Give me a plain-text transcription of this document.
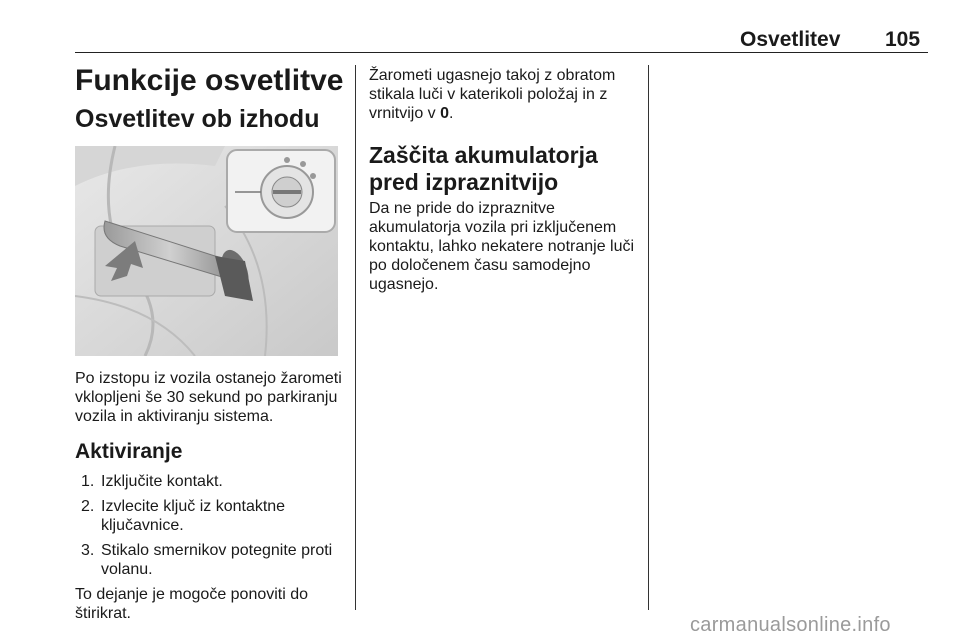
Osvetlitev 105
Funkcije osvetlitve
Osvetlitev ob izhodu

Po izstopu iz vozila ostanejo žarometi vklopljeni še 30 sekund po parkiranju vozila in aktiviranju sistema.

Aktiviranje
1. Izključite kontakt.
2. Izvlecite ključ iz kontaktne ključavnice.
3. Stikalo smernikov potegnite proti volanu.

To dejanje je mogoče ponoviti do štirikrat.

Žarometi ugasnejo takoj z obratom stikala luči v katerikoli položaj in z vrnitvijo v 0.

Zaščita akumulatorja pred izpraznitvijo

Da ne pride do izpraznitve akumulatorja vozila pri izključenem kontaktu, lahko nekatere notranje luči po določenem času samodejno ugasnejo.

carmanualsonline.info
